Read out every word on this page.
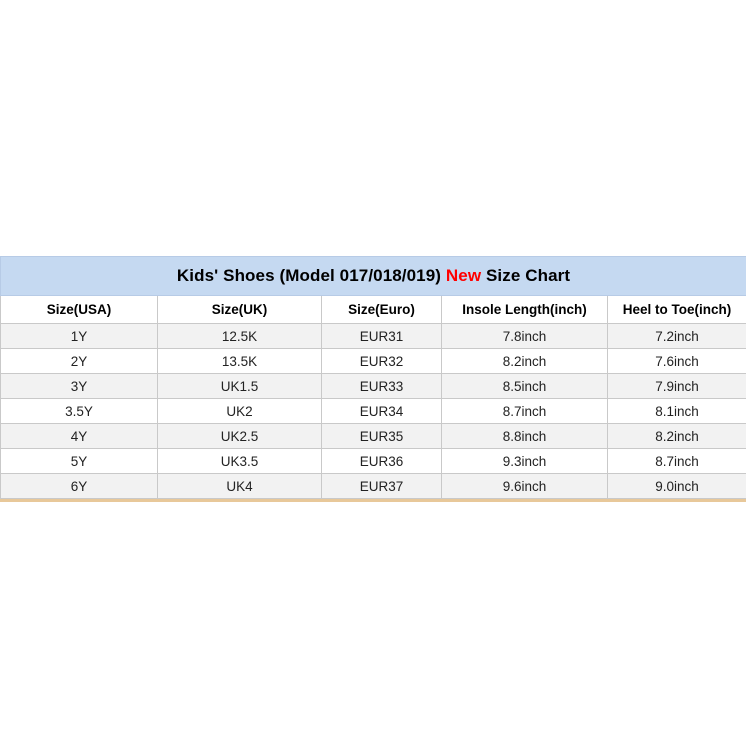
Kids' Shoes (Model 017/018/019) New Size Chart				
Size(USA)	Size(UK)	Size(Euro)	Insole Length(inch)	Heel to Toe(inch)
1Y	12.5K	EUR31	7.8inch	7.2inch
2Y	13.5K	EUR32	8.2inch	7.6inch
3Y	UK1.5	EUR33	8.5inch	7.9inch
3.5Y	UK2	EUR34	8.7inch	8.1inch
4Y	UK2.5	EUR35	8.8inch	8.2inch
5Y	UK3.5	EUR36	9.3inch	8.7inch
6Y	UK4	EUR37	9.6inch	9.0inch
